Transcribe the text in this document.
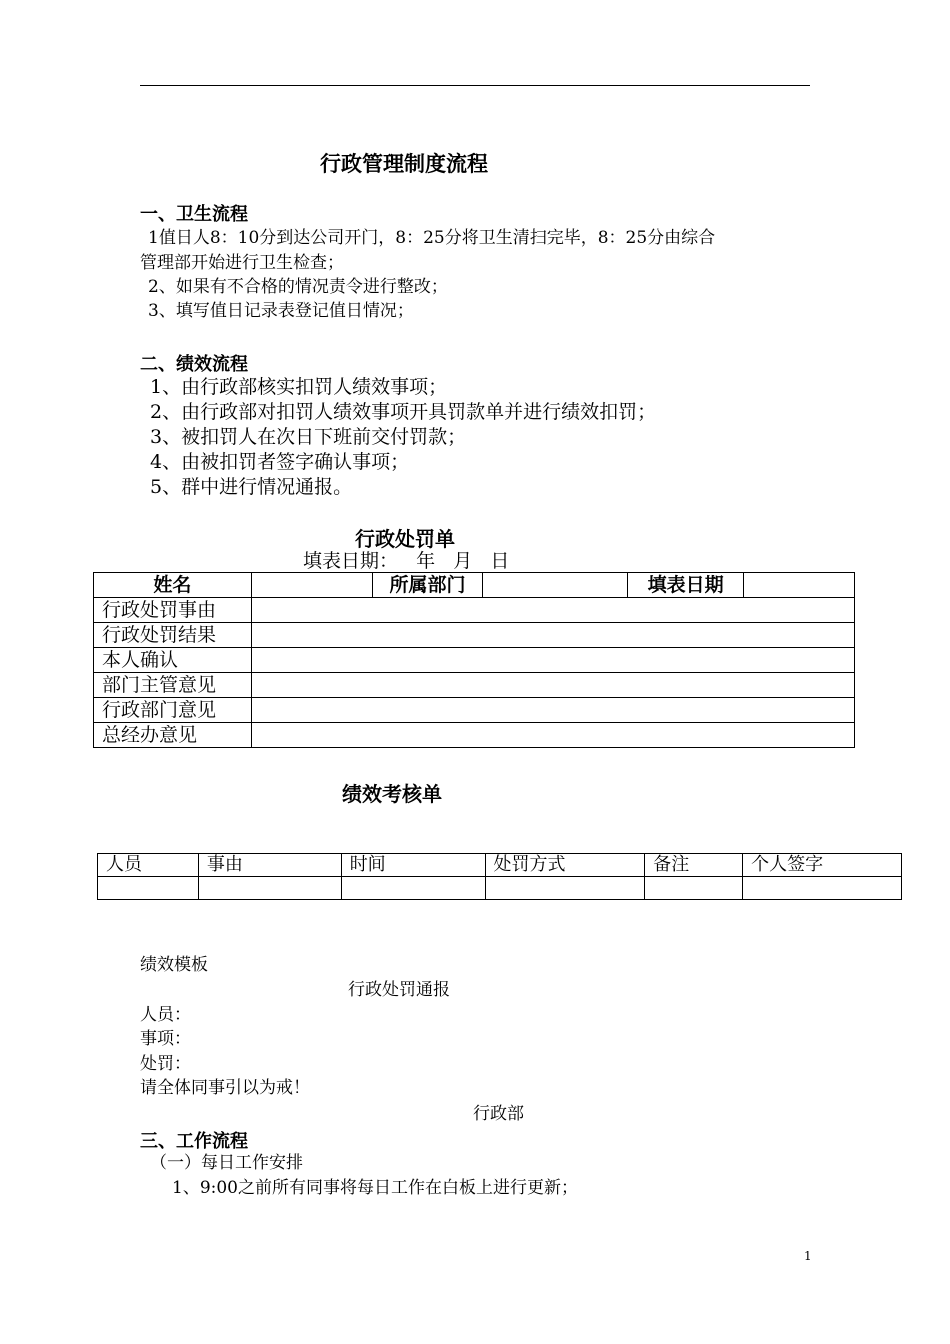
行政管理制度流程
一、卫生流程
1值日人8：10分到达公司开门，8：25分将卫生清扫完毕，8：25分由综合
管理部开始进行卫生检查；
2、如果有不合格的情况责令进行整改；
3、填写值日记录表登记值日情况；
二、绩效流程
1、由行政部核实扣罚人绩效事项；
2、由行政部对扣罚人绩效事项开具罚款单并进行绩效扣罚；
3、被扣罚人在次日下班前交付罚款；
4、由被扣罚者签字确认事项；
5、群中进行情况通报。
行政处罚单
填表日期：   年   月   日
姓名		所属部门		填表日期	
行政处罚事由					
行政处罚结果					
本人确认					
部门主管意见					
行政部门意见					
总经办意见					
绩效考核单
人员	事由	时间	处罚方式	备注	个人签字

绩效模板
行政处罚通报
人员：
事项：
处罚：
请全体同事引以为戒！
行政部
三、工作流程
（一）每日工作安排
1、9:00之前所有同事将每日工作在白板上进行更新；
1
